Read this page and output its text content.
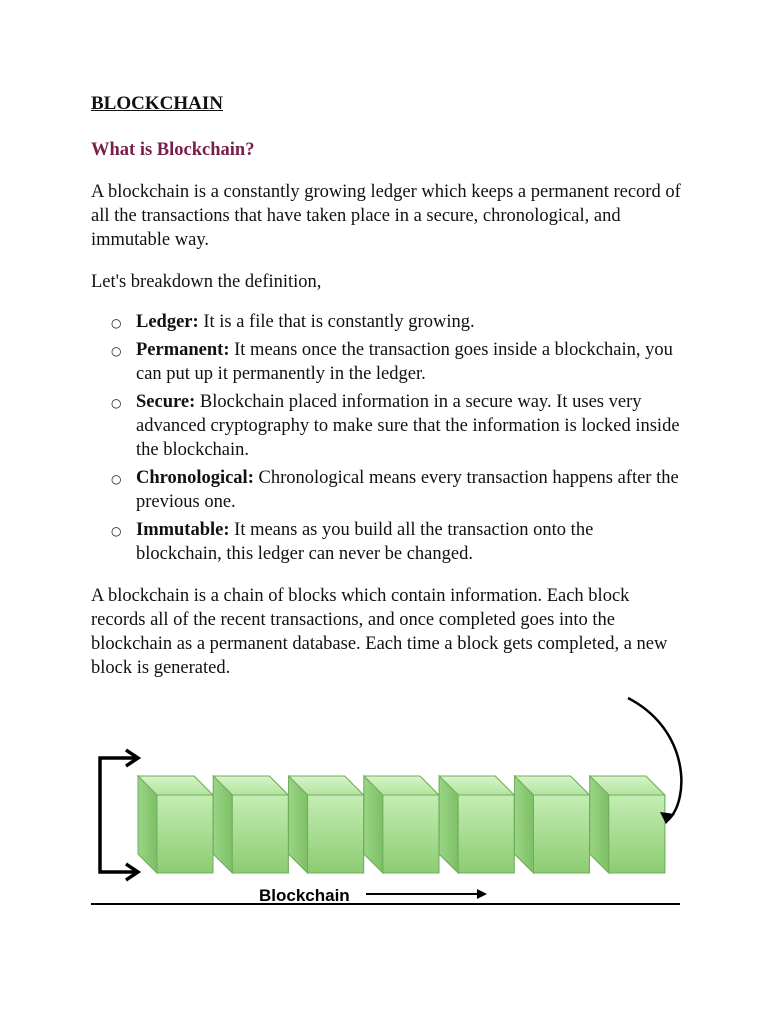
BLOCKCHAIN
What is Blockchain?

A blockchain is a constantly growing ledger which keeps a permanent record of all the transactions that have taken place in a secure, chronological, and immutable way.

Let's breakdown the definition,

○ Ledger: It is a file that is constantly growing.
○ Permanent: It means once the transaction goes inside a blockchain, you can put up it permanently in the ledger.
○ Secure: Blockchain placed information in a secure way. It uses very advanced cryptography to make sure that the information is locked inside the blockchain.
○ Chronological: Chronological means every transaction happens after the previous one.
○ Immutable: It means as you build all the transaction onto the blockchain, this ledger can never be changed.

A blockchain is a chain of blocks which contain information. Each block records all of the recent transactions, and once completed goes into the blockchain as a permanent database. Each time a block gets completed, a new block is generated.

Blockchain
